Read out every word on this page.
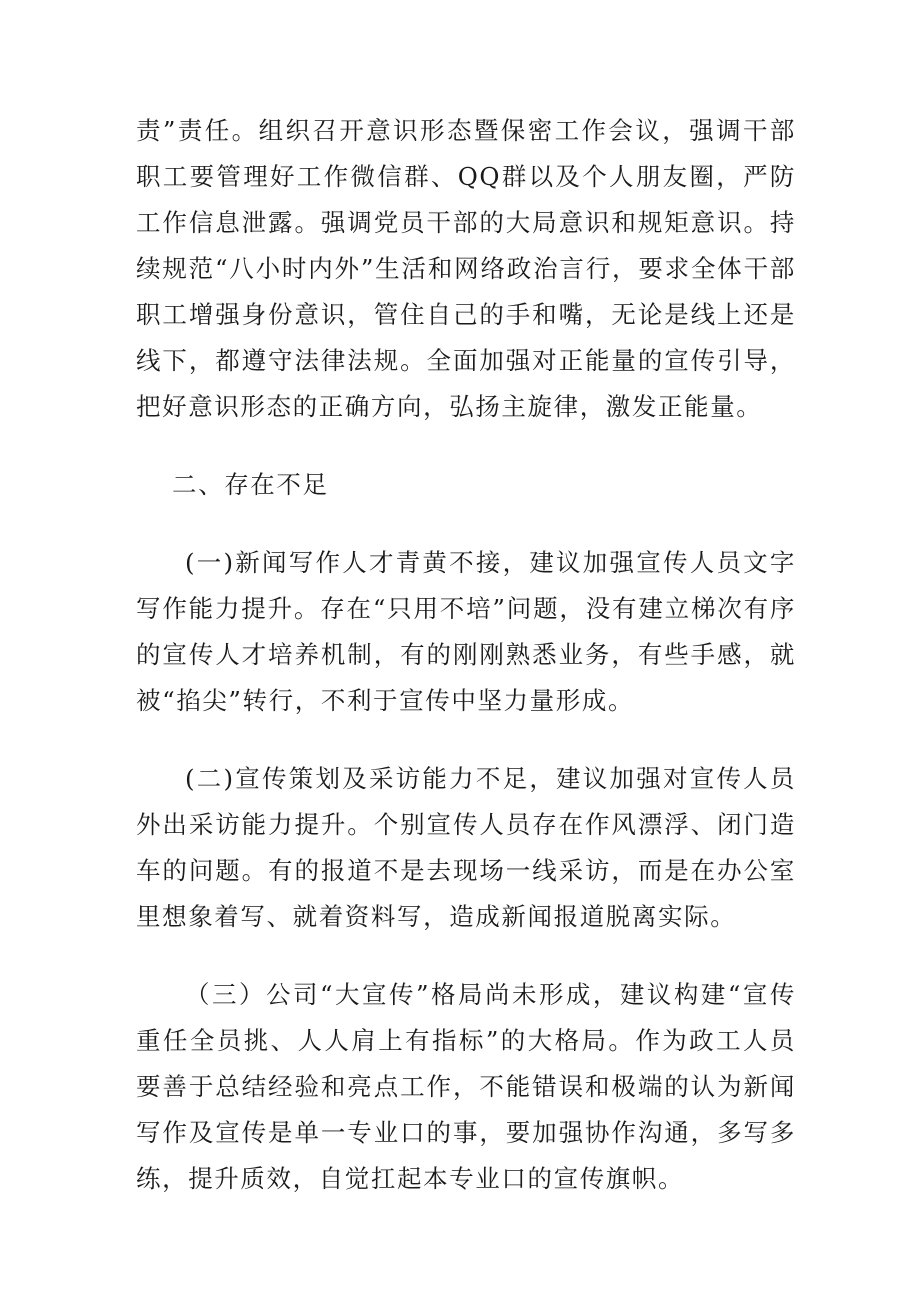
责”责任。组织召开意识形态暨保密工作会议，强调干部职工要管理好工作微信群、QQ群以及个人朋友圈，严防工作信息泄露。强调党员干部的大局意识和规矩意识。持续规范“八小时内外”生活和网络政治言行，要求全体干部职工增强身份意识，管住自己的手和嘴，无论是线上还是线下，都遵守法律法规。全面加强对正能量的宣传引导，把好意识形态的正确方向，弘扬主旋律，激发正能量。

二、存在不足

(一)新闻写作人才青黄不接，建议加强宣传人员文字写作能力提升。存在“只用不培”问题，没有建立梯次有序的宣传人才培养机制，有的刚刚熟悉业务，有些手感，就被“掐尖”转行，不利于宣传中坚力量形成。

(二)宣传策划及采访能力不足，建议加强对宣传人员外出采访能力提升。个别宣传人员存在作风漂浮、闭门造车的问题。有的报道不是去现场一线采访，而是在办公室里想象着写、就着资料写，造成新闻报道脱离实际。

（三）公司“大宣传”格局尚未形成，建议构建“宣传重任全员挑、人人肩上有指标”的大格局。作为政工人员要善于总结经验和亮点工作，不能错误和极端的认为新闻写作及宣传是单一专业口的事，要加强协作沟通，多写多练，提升质效，自觉扛起本专业口的宣传旗帜。
